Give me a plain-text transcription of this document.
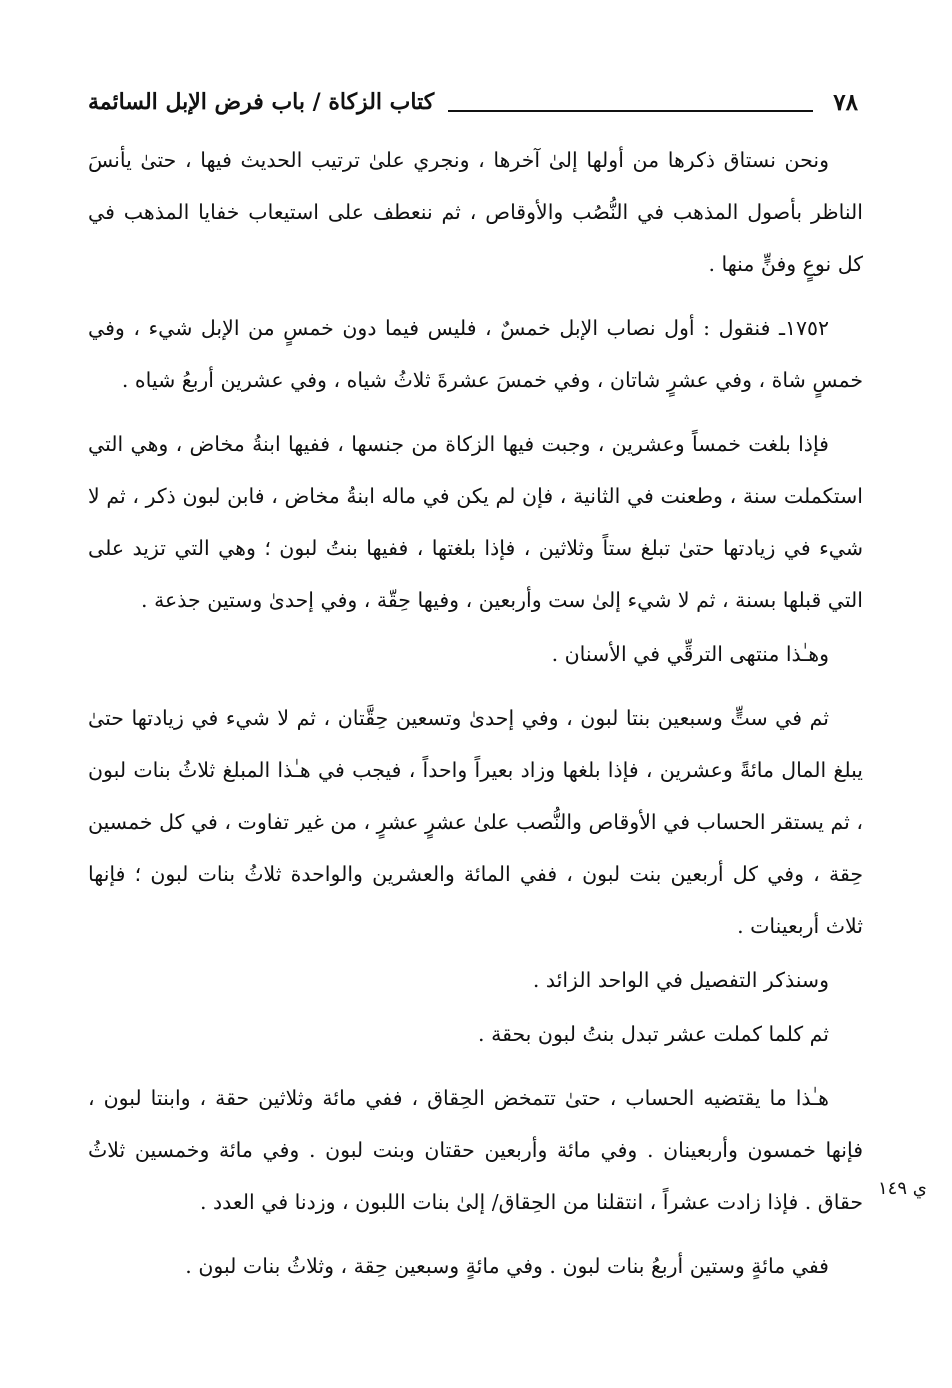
٧٨
كتاب الزكاة / باب فرض الإبل السائمة

ونحن نستاق ذكرها من أولها إلىٰ آخرها ، ونجري علىٰ ترتيب الحديث فيها ، حتىٰ يأنسَ الناظر بأصول المذهب في النُّصُب والأوقاص ، ثم ننعطف على استيعاب خفايا المذهب في كل نوعٍ وفنٍّ منها .

١٧٥٢ـ فنقول : أول نصاب الإبل خمسٌ ، فليس فيما دون خمسٍ من الإبل شيء ، وفي خمسٍ شاة ، وفي عشرٍ شاتان ، وفي خمسَ عشرةَ ثلاثُ شياه ، وفي عشرين أربعُ شياه .

فإذا بلغت خمساً وعشرين ، وجبت فيها الزكاة من جنسها ، ففيها ابنةُ مخاض ، وهي التي استكملت سنة ، وطعنت في الثانية ، فإن لم يكن في ماله ابنةُ مخاض ، فابن لبون ذكر ، ثم لا شيء في زيادتها حتىٰ تبلغ ستاً وثلاثين ، فإذا بلغتها ، ففيها بنتُ لبون ؛ وهي التي تزيد على التي قبلها بسنة ، ثم لا شيء إلىٰ ست وأربعين ، وفيها حِقّة ، وفي إحدىٰ وستين جذعة .

وهـٰذا منتهى الترقِّي في الأسنان .

ثم في ستٍّ وسبعين بنتا لبون ، وفي إحدىٰ وتسعين حِقَّتان ، ثم لا شيء في زيادتها حتىٰ يبلغ المال مائةً وعشرين ، فإذا بلغها وزاد بعيراً واحداً ، فيجب في هـٰذا المبلغ ثلاثُ بنات لبون ، ثم يستقر الحساب في الأوقاص والنُّصب علىٰ عشرٍ عشرٍ ، من غير تفاوت ، في كل خمسين حِقة ، وفي كل أربعين بنت لبون ، ففي المائة والعشرين والواحدة ثلاثُ بنات لبون ؛ فإنها ثلاث أربعينات .

وسنذكر التفصيل في الواحد الزائد .

ثم كلما كملت عشر تبدل بنتُ لبون بحقة .

هـٰذا ما يقتضيه الحساب ، حتىٰ تتمخض الحِقاق ، ففي مائة وثلاثين حقة ، وابنتا لبون ، فإنها خمسون وأربعينان . وفي مائة وأربعين حقتان وبنت لبون . وفي مائة وخمسين ثلاثُ حقاق . فإذا زادت عشراً ، انتقلنا من الحِقاق/ إلىٰ بنات اللبون ، وزدنا في العدد .

ففي مائةٍ وستين أربعُ بنات لبون . وفي مائةٍ وسبعين حِقة ، وثلاثُ بنات لبون .

ي ١٤٩
